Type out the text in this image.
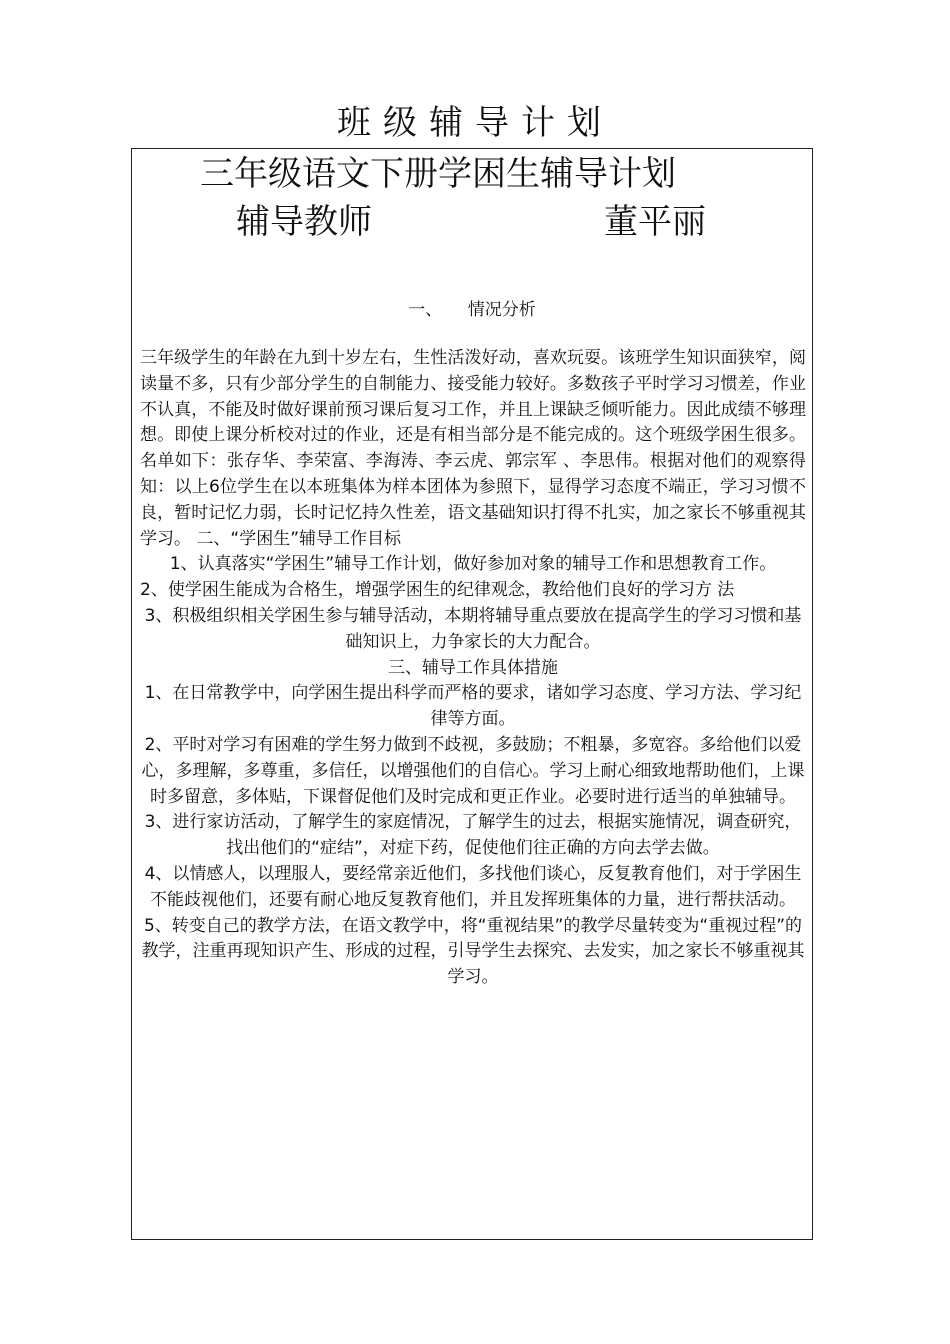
班级辅导计划
三年级语文下册学困生辅导计划
辅导教师	董平丽
一、 情况分析

三年级学生的年龄在九到十岁左右，生性活泼好动，喜欢玩耍。该班学生知识面狭窄，阅读量不多，只有少部分学生的自制能力、接受能力较好。多数孩子平时学习习惯差，作业不认真，不能及时做好课前预习课后复习工作，并且上课缺乏倾听能力。因此成绩不够理想。即使上课分析校对过的作业，还是有相当部分是不能完成的。这个班级学困生很多。名单如下：张存华、李荣富、李海涛、李云虎、郭宗军 、李思伟。根据对他们的观察得知：以上6位学生在以本班集体为样本团体为参照下，显得学习态度不端正，学习习惯不良，暂时记忆力弱，长时记忆持久性差，语文基础知识打得不扎实，加之家长不够重视其学习。 二、“学困生”辅导工作目标

1、认真落实“学困生”辅导工作计划，做好参加对象的辅导工作和思想教育工作。

2、使学困生能成为合格生，增强学困生的纪律观念，教给他们良好的学习方 法

3、积极组织相关学困生参与辅导活动，本期将辅导重点要放在提高学生的学习习惯和基础知识上，力争家长的大力配合。

三、辅导工作具体措施

1、在日常教学中，向学困生提出科学而严格的要求，诸如学习态度、学习方法、学习纪律等方面。

2、平时对学习有困难的学生努力做到不歧视，多鼓励；不粗暴，多宽容。多给他们以爱心，多理解，多尊重，多信任，以增强他们的自信心。学习上耐心细致地帮助他们，上课时多留意，多体贴，下课督促他们及时完成和更正作业。必要时进行适当的单独辅导。

3、进行家访活动，了解学生的家庭情况，了解学生的过去，根据实施情况，调查研究，找出他们的“症结”，对症下药，促使他们往正确的方向去学去做。

4、以情感人，以理服人，要经常亲近他们，多找他们谈心，反复教育他们，对于学困生不能歧视他们，还要有耐心地反复教育他们，并且发挥班集体的力量，进行帮扶活动。

5、转变自己的教学方法，在语文教学中，将“重视结果”的教学尽量转变为“重视过程”的教学，注重再现知识产生、形成的过程，引导学生去探究、去发实，加之家长不够重视其学习。
